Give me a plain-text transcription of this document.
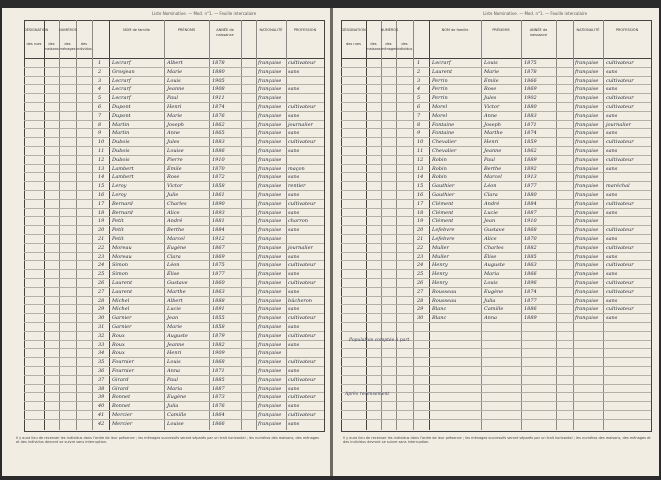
Liste Nominative. — Mod. n°1. — Feuille intercalaire
DÉSIGNATION	NUMÉROS	NOM de famille	PRÉNOMS	ANNÉE de naissance
NATIONALITÉ	PROFESSION
des rues	des maisons
des ménages
des individus
1 Lecrarf	Albert	1878	française cultivateur
2 Grosjean	Marie	1880	française sans
3 Lecrarf	Louis	1905	française
4 Lecrarf	Jeanne	1908	française sans
5 Lecrarf	Paul	1911	française
6 Dupont	Henri	1874	française cultivateur
7 Dupont	Marie	1876	française sans
8 Martin	Joseph	1862	française journalier
9 Martin	Anne	1865	française sans
10 Dubois	Jules	1883	française cultivateur
11 Dubois	Louise	1886	française sans
12 Dubois	Pierre	1910	française
13 Lambert	Émile	1870	française maçon
14 Lambert	Rose	1872	française sans
15 Leroy	Victor	1858	française rentier
16 Leroy	Julie	1861	française sans
17 Bernard	Charles	1890	française cultivateur
18 Bernard	Alice	1893	française sans
19 Petit	André	1881	française charron
20 Petit	Berthe	1884	française sans
21 Petit	Marcel	1912	française
22 Moreau	Eugène	1867	française journalier
23 Moreau	Clara	1869	française sans
24 Simon	Léon	1875	française cultivateur
25 Simon	Élise	1877	française sans
26 Laurent	Gustave	1860	française cultivateur
27 Laurent	Marthe	1863	française sans
28 Michel	Albert	1888	française bûcheron
29 Michel	Lucie	1891	française sans
30 Garnier	Jean	1855	française cultivateur
31 Garnier	Marie	1858	française sans
32 Roux	Auguste	1879	française cultivateur
33 Roux	Jeanne	1882	française sans
34 Roux	Henri	1909	française
35 Fournier	Louis	1868	française cultivateur
36 Fournier	Anna	1871	française sans
37 Girard	Paul	1885	française cultivateur
38 Girard	Maria	1887	française sans
39 Bonnet	Eugène	1873	française cultivateur
40 Bonnet	Julia	1876	française sans
41 Mercier	Camille	1864	française cultivateur
42 Mercier	Louise	1866	française sans
Il y aura lieu de recenser les individus dans l'ordre de leur présence ; les ménages successifs seront séparés par un trait horizontal ; les numéros des maisons, des ménages et des individus devront se suivre sans interruption.
Liste Nominative. — Mod. n°1. — Feuille intercalaire
DÉSIGNATION	NUMÉROS	NOM de famille	PRÉNOMS	ANNÉE de naissance
NATIONALITÉ	PROFESSION
des rues	des maisons
des ménages
des individus
1 Lecrarf	Louis	1875	française cultivateur
2 Laurent	Marie	1878	française sans
3 Perrin	Émile	1866	française cultivateur
4 Perrin	Rose	1869	française sans
5 Perrin	Jules	1902	française cultivateur
6 Morel	Victor	1880	française cultivateur
7 Morel	Anne	1883	française sans
8 Fontaine	Joseph	1871	française journalier
9 Fontaine	Marthe	1874	française sans
10 Chevalier	Henri	1859	française cultivateur
11 Chevalier	Jeanne	1862	française sans
12 Robin	Paul	1889	française cultivateur
13 Robin	Berthe	1892	française sans
14 Robin	Marcel	1913	française
15 Gauthier	Léon	1877	française maréchal
16 Gauthier	Clara	1880	française sans
17 Clément	André	1884	française cultivateur
18 Clément	Lucie	1887	française sans
19 Clément	Jean	1910	française
20 Lefebvre	Gustave	1868	française cultivateur
21 Lefebvre	Alice	1870	française sans
22 Muller	Charles	1882	française cultivateur
23 Muller	Élise	1885	française sans
24 Henry	Auguste	1863	française cultivateur
25 Henry	Maria	1866	française sans
26 Henry	Louis	1896	française cultivateur
27 Rousseau	Eugène	1874	française cultivateur
28 Rousseau	Julia	1877	française sans
29 Blanc	Camille	1886	française cultivateur
30 Blanc	Anna	1889	française sans
Population comptée à part
Après recensement
Il y aura lieu de recenser les individus dans l'ordre de leur présence ; les ménages successifs seront séparés par un trait horizontal ; les numéros des maisons, des ménages et des individus devront se suivre sans interruption.
